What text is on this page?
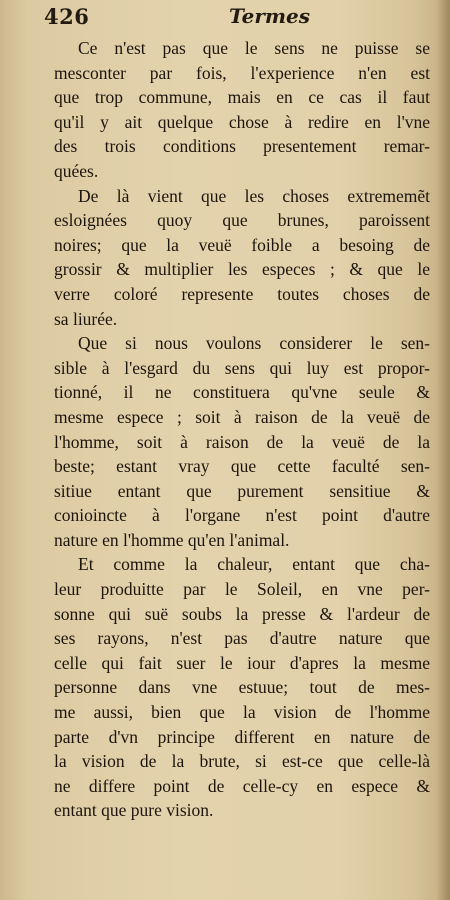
426	Termes
Ce n'est pas que le sens ne puisse se
mesconter par fois, l'experience n'en est
que trop commune, mais en ce cas il faut
qu'il y ait quelque chose à redire en l'vne
des trois conditions presentement remar-
quées.
De là vient que les choses extrememẽt
esloignées quoy que brunes, paroissent
noires; que la veuë foible a besoing de
grossir & multiplier les especes ; & que le
verre coloré represente toutes choses de
sa liurée.
Que si nous voulons considerer le sen-
sible à l'esgard du sens qui luy est propor-
tionné, il ne constituera qu'vne seule &
mesme espece ; soit à raison de la veuë de
l'homme, soit à raison de la veuë de la
beste; estant vray que cette faculté sen-
sitiue entant que purement sensitiue &
conioincte à l'organe n'est point d'autre
nature en l'homme qu'en l'animal.
Et comme la chaleur, entant que cha-
leur produitte par le Soleil, en vne per-
sonne qui suë soubs la presse & l'ardeur de
ses rayons, n'est pas d'autre nature que
celle qui fait suer le iour d'apres la mesme
personne dans vne estuue; tout de mes-
me aussi, bien que la vision de l'homme
parte d'vn principe different en nature de
la vision de la brute, si est-ce que celle-là
ne differe point de celle-cy en espece &
entant que pure vision.
